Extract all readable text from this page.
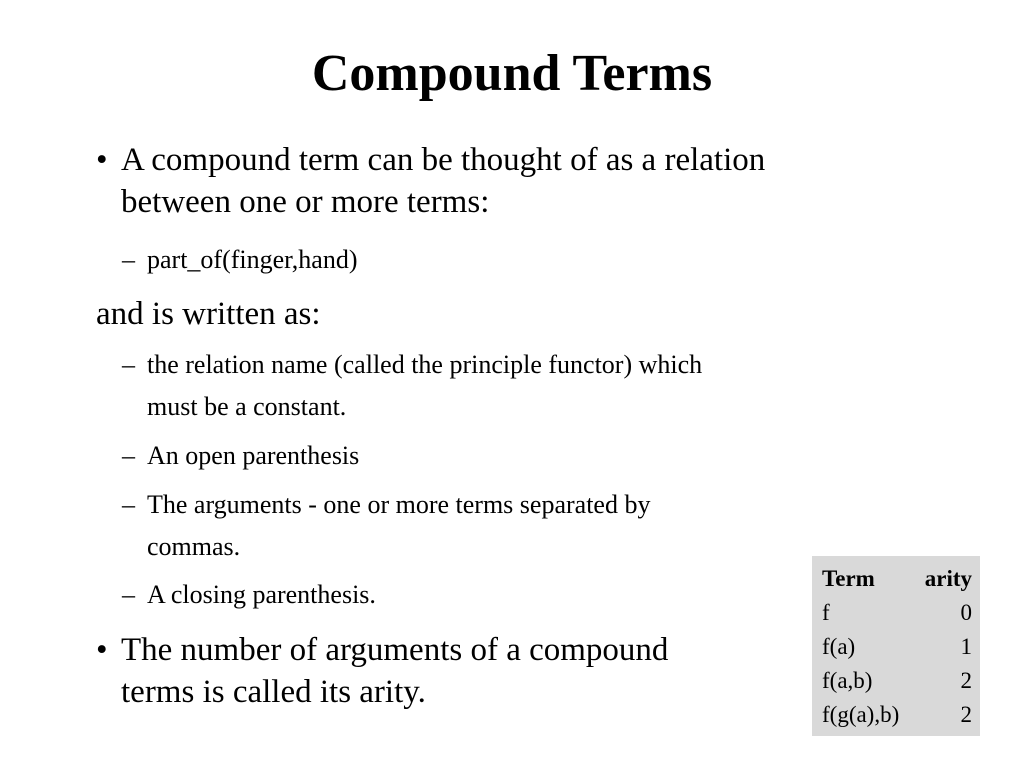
Compound Terms
• A compound term can be thought of as a relation
between one or more terms:
– part_of(finger,hand)
and is written as:
– the relation name (called the principle functor) which
must be a constant.
– An open parenthesis
– The arguments - one or more terms separated by
commas.
– A closing parenthesis.
• The number of arguments of a compound
terms is called its arity.
Term	arity
f	0
f(a)	1
f(a,b)	2
f(g(a),b)	2
